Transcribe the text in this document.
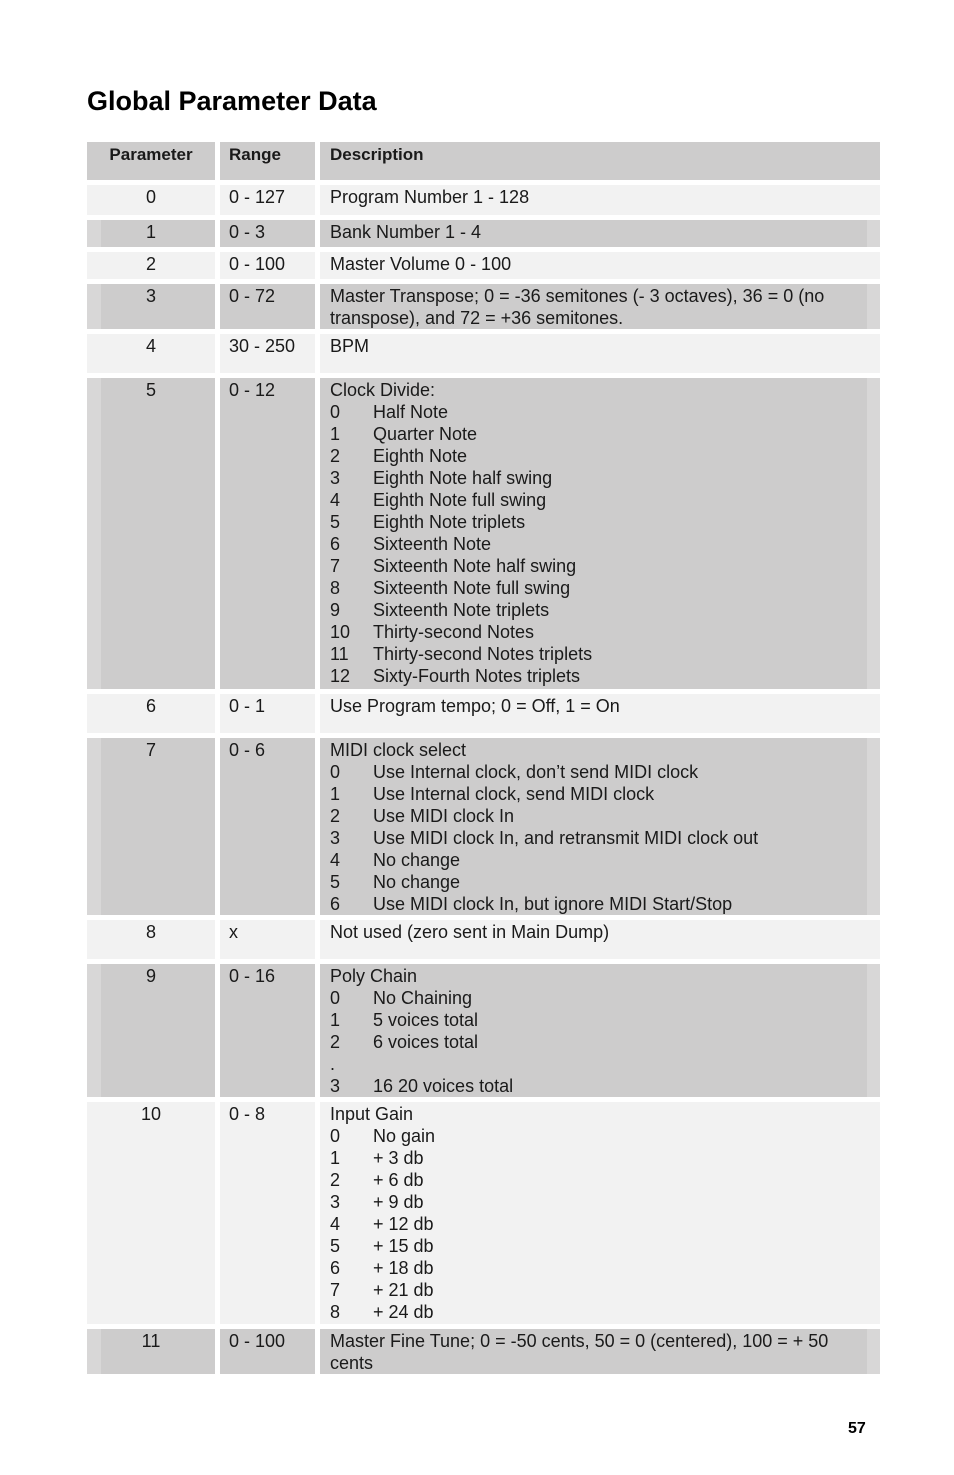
Global Parameter Data
Parameter	Range	Description
0	0 - 127	Program Number 1 - 128
1	0 - 3	Bank Number 1 - 4
2	0 - 100	Master Volume 0 - 100
3	0 - 72	Master Transpose; 0 = -36 semitones (- 3 octaves), 36 = 0 (no transpose), and 72 = +36 semitones.
4	30 - 250	BPM
5	0 - 12	Clock Divide:
0	Half Note
1	Quarter Note
2	Eighth Note
3	Eighth Note half swing
4	Eighth Note full swing
5	Eighth Note triplets
6	Sixteenth Note
7	Sixteenth Note half swing
8	Sixteenth Note full swing
9	Sixteenth Note triplets
10	Thirty-second Notes
11	Thirty-second Notes triplets
12	Sixty-Fourth Notes triplets
6	0 - 1	Use Program tempo; 0 = Off, 1 = On
7	0 - 6	MIDI clock select
0	Use Internal clock, don’t send MIDI clock
1	Use Internal clock, send MIDI clock
2	Use MIDI clock In
3	Use MIDI clock In, and retransmit MIDI clock out
4	No change
5	No change
6	Use MIDI clock In, but ignore MIDI Start/Stop
8	x	Not used (zero sent in Main Dump)
9	0 - 16	Poly Chain
0	No Chaining
1	5 voices total
2	6 voices total
.
3	16 20 voices total
10	0 - 8	Input Gain
0	No gain
1	+ 3 db
2	+ 6 db
3	+ 9 db
4	+ 12 db
5	+ 15 db
6	+ 18 db
7	+ 21 db
8	+ 24 db
11	0 - 100	Master Fine Tune; 0 = -50 cents, 50 = 0 (centered), 100 = + 50 cents
57
